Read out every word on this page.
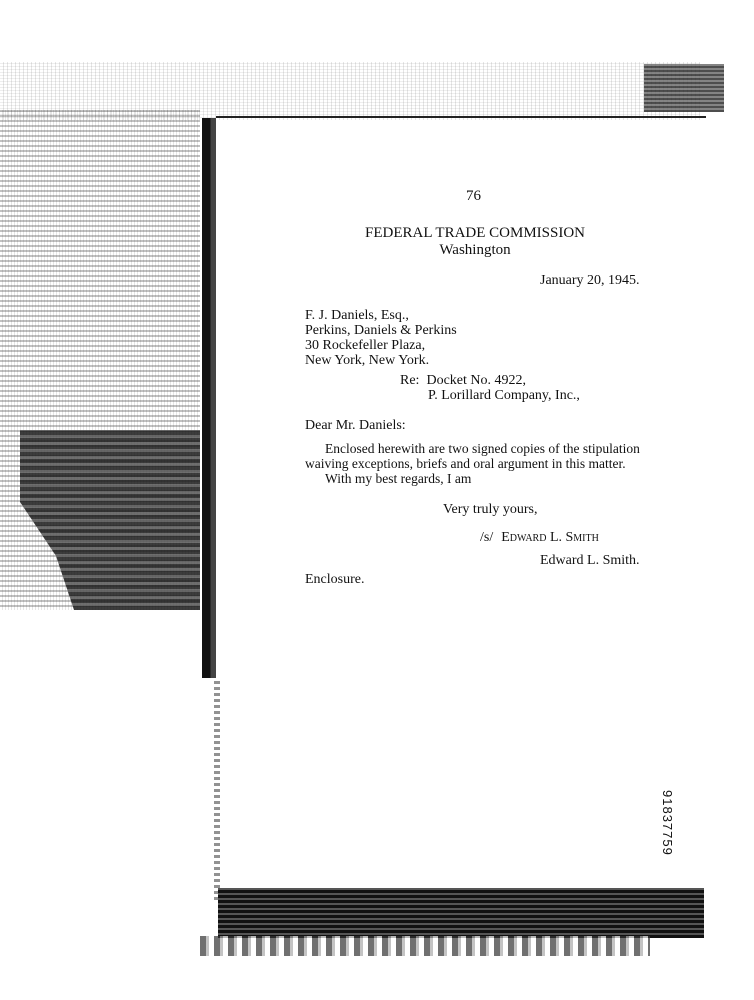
76
FEDERAL TRADE COMMISSION
Washington
January 20, 1945.
F. J. Daniels, Esq.,
Perkins, Daniels & Perkins
30 Rockefeller Plaza,
New York, New York.
Re: Docket No. 4922,
P. Lorillard Company, Inc.,
Dear Mr. Daniels:
Enclosed herewith are two signed copies of the stipulation
waiving exceptions, briefs and oral argument in this matter.
With my best regards, I am
Very truly yours,
/s/ Edward L. Smith
Edward L. Smith.
Enclosure.
91837759
